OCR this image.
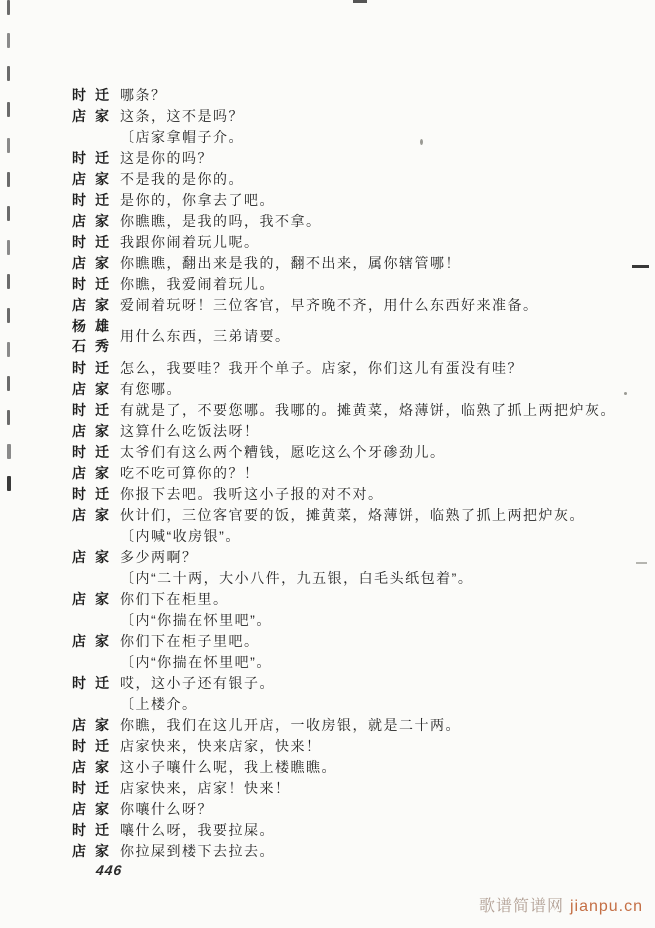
时迁 哪条？
店家 这条，这不是吗？
〔店家拿帽子介。
时迁 这是你的吗？
店家 不是我的是你的。
时迁 是你的，你拿去了吧。
店家 你瞧瞧，是我的吗，我不拿。
时迁 我跟你闹着玩儿呢。
店家 你瞧瞧，翻出来是我的，翻不出来，属你辖管哪！
时迁 你瞧，我爱闹着玩儿。
店家 爱闹着玩呀！三位客官，早齐晚不齐，用什么东西好来准备。
杨雄
石秀
用什么东西，三弟请要。
时迁 怎么，我要哇？我开个单子。店家，你们这儿有蛋没有哇？
店家 有您哪。
时迁 有就是了，不要您哪。我哪的。摊黄菜，烙薄饼，临熟了抓上两把炉灰。
店家 这算什么吃饭法呀！
时迁 太爷们有这么两个糟钱，愿吃这么个牙碜劲儿。
店家 吃不吃可算你的？！
时迁 你报下去吧。我听这小子报的对不对。
店家 伙计们，三位客官要的饭，摊黄菜，烙薄饼，临熟了抓上两把炉灰。
〔内喊“收房银”。
店家 多少两啊？
〔内“二十两，大小八件，九五银，白毛头纸包着”。
店家 你们下在柜里。
〔内“你揣在怀里吧”。
店家 你们下在柜子里吧。
〔内“你揣在怀里吧”。
时迁 哎，这小子还有银子。
〔上楼介。
店家 你瞧，我们在这儿开店，一收房银，就是二十两。
时迁 店家快来，快来店家，快来！
店家 这小子嚷什么呢，我上楼瞧瞧。
时迁 店家快来，店家！快来！
店家 你嚷什么呀？
时迁 嚷什么呀，我要拉屎。
店家 你拉屎到楼下去拉去。
446
歌谱简谱网 jianpu.cn
